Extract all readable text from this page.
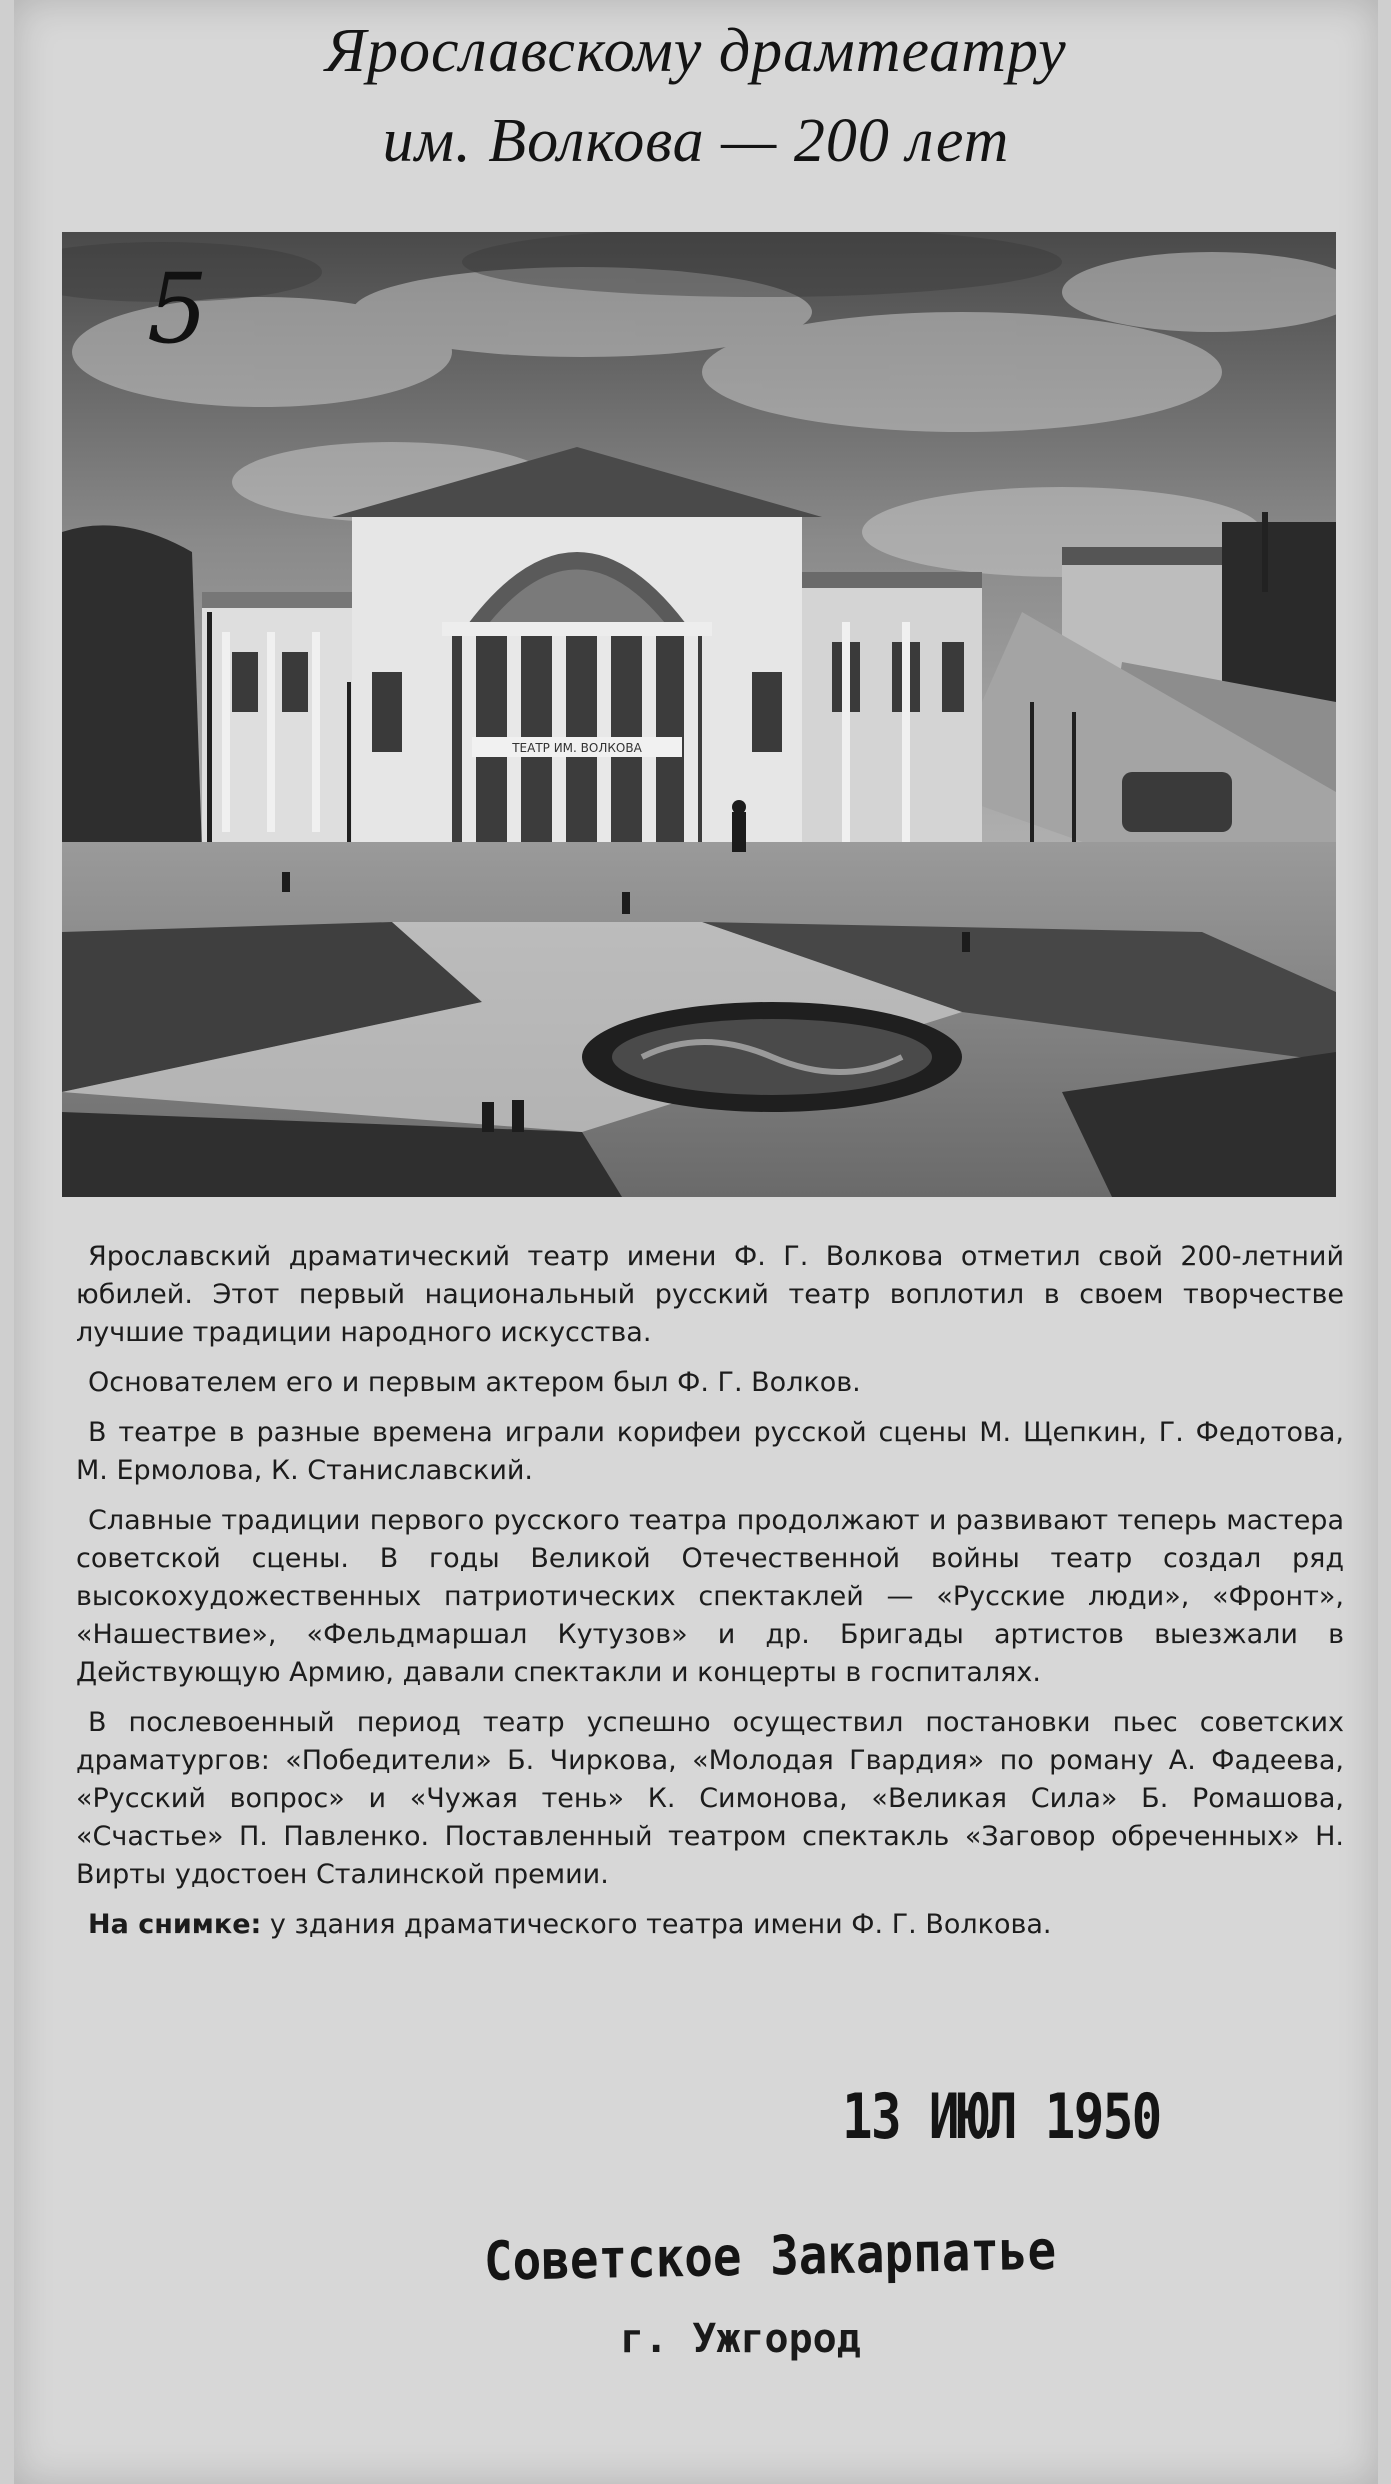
Ярославскому драмтеатру
им. Волкова — 200 лет
ТЕАТР ИМ. ВОЛКОВА
5

Ярославский драматический театр имени Ф. Г. Волкова отметил свой 200-летний юбилей. Этот первый национальный русский театр воплотил в своем творчестве лучшие традиции народного искусства.

Основателем его и первым актером был Ф. Г. Волков.

В театре в разные времена играли корифеи русской сцены М. Щепкин, Г. Федотова, М. Ермолова, К. Станиславский.

Славные традиции первого русского театра продолжают и развивают теперь мастера советской сцены. В годы Великой Отечественной войны театр создал ряд высокохудожественных патриотических спектаклей — «Русские люди», «Фронт», «Нашествие», «Фельдмаршал Кутузов» и др. Бригады артистов выезжали в Действующую Армию, давали спектакли и концерты в госпиталях.

В послевоенный период театр успешно осуществил постановки пьес советских драматургов: «Победители» Б. Чиркова, «Молодая Гвардия» по роману А. Фадеева, «Русский вопрос» и «Чужая тень» К. Симонова, «Великая Сила» Б. Ромашова, «Счастье» П. Павленко. Поставленный театром спектакль «Заговор обреченных» Н. Вирты удостоен Сталинской премии.

На снимке: у здания драматического театра имени Ф. Г. Волкова.

13 ИЮЛ 1950
Советское Закарпатье
г. Ужгород
